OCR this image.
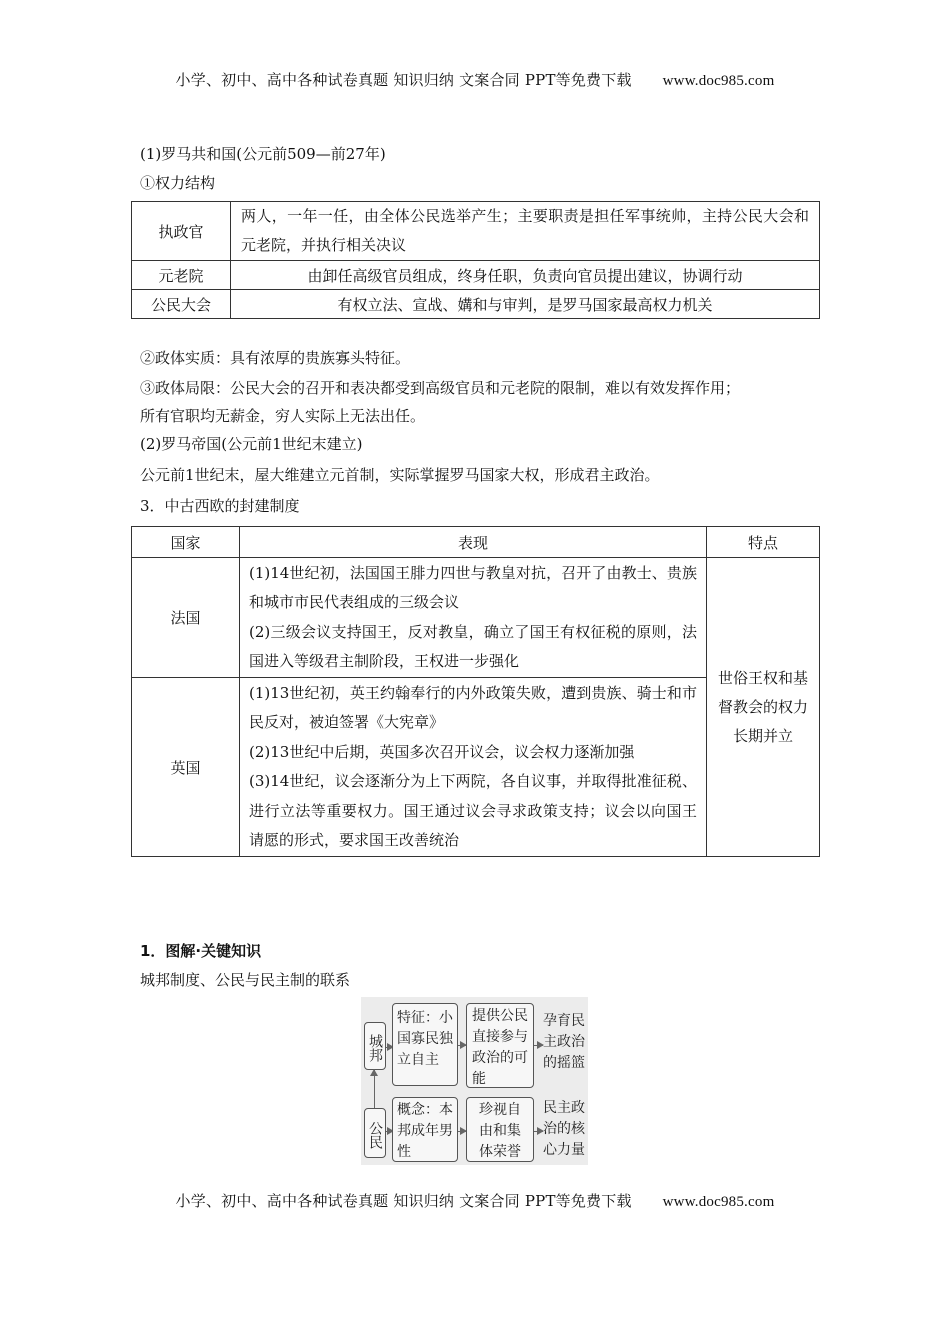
小学、初中、高中各种试卷真题 知识归纳 文案合同 PPT等免费下载 www.doc985.com
(1)罗马共和国(公元前509—前27年)
①权力结构
执政官	两人，一年一任，由全体公民选举产生；主要职责是担任军事统帅，主持公民大会和元老院，并执行相关决议
元老院	由卸任高级官员组成，终身任职，负责向官员提出建议，协调行动
公民大会	有权立法、宣战、媾和与审判，是罗马国家最高权力机关
②政体实质：具有浓厚的贵族寡头特征。
③政体局限：公民大会的召开和表决都受到高级官员和元老院的限制，难以有效发挥作用；
所有官职均无薪金，穷人实际上无法出任。
(2)罗马帝国(公元前1世纪末建立)
公元前1世纪末，屋大维建立元首制，实际掌握罗马国家大权，形成君主政治。
3．中古西欧的封建制度
国家	表现	特点
法国	(1)14世纪初，法国国王腓力四世与教皇对抗，召开了由教士、贵族和城市市民代表组成的三级会议
(2)三级会议支持国王，反对教皇，确立了国王有权征税的原则，法国进入等级君主制阶段，王权进一步强化	世俗王权和基督教会的权力长期并立
英国	(1)13世纪初，英王约翰奉行的内外政策失败，遭到贵族、骑士和市民反对，被迫签署《大宪章》
(2)13世纪中后期，英国多次召开议会，议会权力逐渐加强
(3)14世纪，议会逐渐分为上下两院，各自议事，并取得批准征税、进行立法等重要权力。国王通过议会寻求政策支持；议会以向国王请愿的形式，要求国王改善统治	
1．图解·关键知识
城邦制度、公民与民主制的联系
城邦
特征：小国寡民独立自主
提供公民直接参与政治的可能
孕育民主政治的摇篮
公民
概念：本邦成年男性
珍视自由和集体荣誉
民主政治的核心力量
小学、初中、高中各种试卷真题 知识归纳 文案合同 PPT等免费下载 www.doc985.com
